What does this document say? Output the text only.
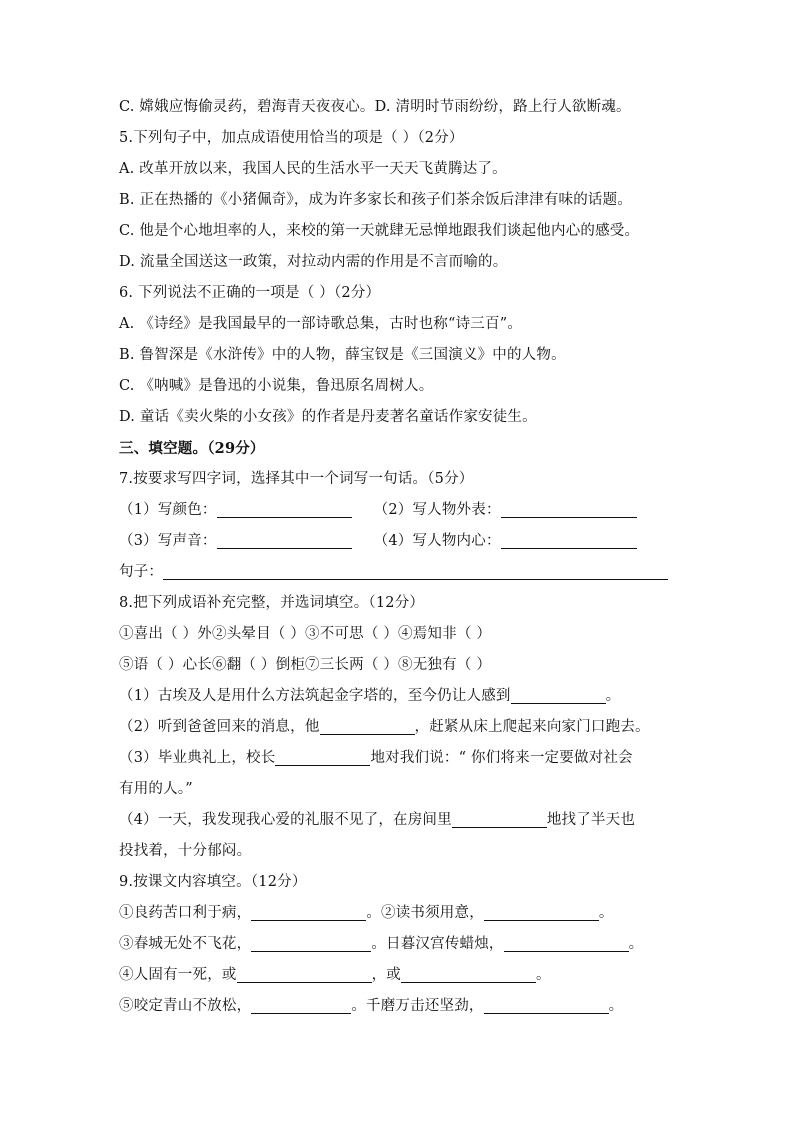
C. 嫦娥应悔偷灵药，碧海青天夜夜心。D. 清明时节雨纷纷，路上行人欲断魂。
5.下列句子中，加点成语使用恰当的项是（ ）（2分）
A. 改革开放以来，我国人民的生活水平一天天飞黄腾达了。
B. 正在热播的《小猪佩奇》，成为许多家长和孩子们茶余饭后津津有味的话题。
C. 他是个心地坦率的人，来校的第一天就肆无忌惮地跟我们谈起他内心的感受。
D. 流量全国送这一政策，对拉动内需的作用是不言而喻的。
6. 下列说法不正确的一项是（ ）（2分）
A. 《诗经》是我国最早的一部诗歌总集，古时也称“诗三百”。
B. 鲁智深是《水浒传》中的人物，薛宝钗是《三国演义》中的人物。
C. 《呐喊》是鲁迅的小说集，鲁迅原名周树人。
D. 童话《卖火柴的小女孩》的作者是丹麦著名童话作家安徒生。
三、填空题。（29分）
7.按要求写四字词，选择其中一个词写一句话。（5分）
（1）写颜色：	（2）写人物外表：
（3）写声音：	（4）写人物内心：
句子：
8.把下列成语补充完整，并选词填空。（12分）
①喜出（ ）外②头晕目（ ）③不可思（ ）④焉知非（ ）
⑤语（ ）心长⑥翻（ ）倒柜⑦三长两（ ）⑧无独有（ ）
（1）古埃及人是用什么方法筑起金字塔的，至今仍让人感到	。
（2）听到爸爸回来的消息，他	，赶紧从床上爬起来向家门口跑去。
（3）毕业典礼上，校长	地对我们说：“ 你们将来一定要做对社会
有用的人。”
（4）一天，我发现我心爱的礼服不见了，在房间里	地找了半天也
投找着，十分郁闷。
9.按课文内容填空。（12分）
①良药苦口利于病，	。②读书须用意，	。
③春城无处不飞花，	。日暮汉宫传蜡烛，	。
④人固有一死，或	，或	。
⑤咬定青山不放松，	。千磨万击还坚劲，	。
